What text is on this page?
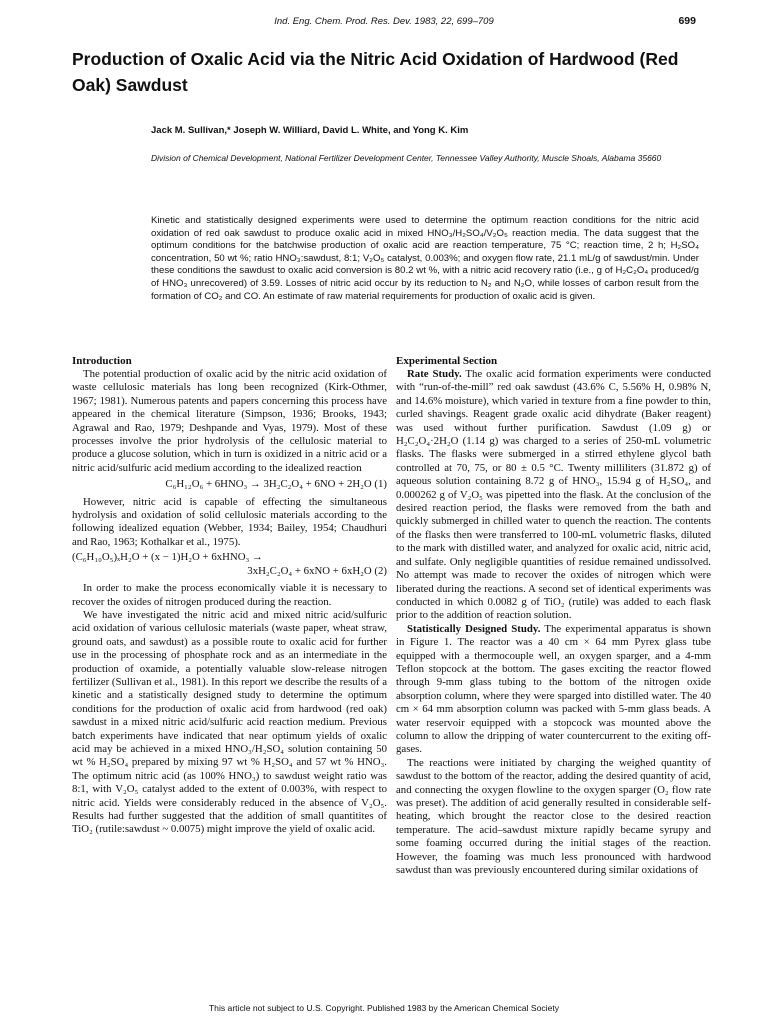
Ind. Eng. Chem. Prod. Res. Dev. 1983, 22, 699–709	699
Production of Oxalic Acid via the Nitric Acid Oxidation of Hardwood (Red Oak) Sawdust

Jack M. Sullivan,* Joseph W. Williard, David L. White, and Yong K. Kim

Division of Chemical Development, National Fertilizer Development Center, Tennessee Valley Authority, Muscle Shoals, Alabama 35660

Kinetic and statistically designed experiments were used to determine the optimum reaction conditions for the nitric acid oxidation of red oak sawdust to produce oxalic acid in mixed HNO₃/H₂SO₄/V₂O₅ reaction media. The data suggest that the optimum conditions for the batchwise production of oxalic acid are reaction temperature, 75 °C; reaction time, 2 h; H₂SO₄ concentration, 50 wt %; ratio HNO₃:sawdust, 8:1; V₂O₅ catalyst, 0.003%; and oxygen flow rate, 21.1 mL/g of sawdust/min. Under these conditions the sawdust to oxalic acid conversion is 80.2 wt %, with a nitric acid recovery ratio (i.e., g of H₂C₂O₄ produced/g of HNO₃ unrecovered) of 3.59. Losses of nitric acid occur by its reduction to N₂ and N₂O, while losses of carbon result from the formation of CO₂ and CO. An estimate of raw material requirements for production of oxalic acid is given.

Introduction

The potential production of oxalic acid by the nitric acid oxidation of waste cellulosic materials has long been recognized (Kirk-Othmer, 1967; 1981). Numerous patents and papers concerning this process have appeared in the chemical literature (Simpson, 1936; Brooks, 1943; Agrawal and Rao, 1979; Deshpande and Vyas, 1979). Most of these processes involve the prior hydrolysis of the cellulosic material to produce a glucose solution, which in turn is oxidized in a nitric acid or a nitric acid/sulfuric acid medium according to the idealized reaction

C₆H₁₂O₆ + 6HNO₃ → 3H₂C₂O₄ + 6NO + 2H₂O (1)

However, nitric acid is capable of effecting the simultaneous hydrolysis and oxidation of solid cellulosic materials according to the following idealized equation (Webber, 1934; Bailey, 1954; Chaudhuri and Rao, 1963; Kothalkar et al., 1975).

(C₆H₁₀O₅)ₓH₂O + (x − 1)H₂O + 6xHNO₃ →
3xH₂C₂O₄ + 6xNO + 6xH₂O (2)

In order to make the process economically viable it is necessary to recover the oxides of nitrogen produced during the reaction.

We have investigated the nitric acid and mixed nitric acid/sulfuric acid oxidation of various cellulosic materials (waste paper, wheat straw, ground oats, and sawdust) as a possible route to oxalic acid for further use in the processing of phosphate rock and as an intermediate in the production of oxamide, a potentially valuable slow-release nitrogen fertilizer (Sullivan et al., 1981). In this report we describe the results of a kinetic and a statistically designed study to determine the optimum conditions for the production of oxalic acid from hardwood (red oak) sawdust in a mixed nitric acid/sulfuric acid reaction medium. Previous batch experiments have indicated that near optimum yields of oxalic acid may be achieved in a mixed HNO₃/H₂SO₄ solution containing 50 wt % H₂SO₄ prepared by mixing 97 wt % H₂SO₄ and 57 wt % HNO₃. The optimum nitric acid (as 100% HNO₃) to sawdust weight ratio was 8:1, with V₂O₅ catalyst added to the extent of 0.003%, with respect to nitric acid. Yields were considerably reduced in the absence of V₂O₅. Results had further suggested that the addition of small quantitites of TiO₂ (rutile:sawdust ~ 0.0075) might improve the yield of oxalic acid.

Experimental Section

Rate Study. The oxalic acid formation experiments were conducted with “run-of-the-mill” red oak sawdust (43.6% C, 5.56% H, 0.98% N, and 14.6% moisture), which varied in texture from a fine powder to thin, curled shavings. Reagent grade oxalic acid dihydrate (Baker reagent) was used without further purification. Sawdust (1.09 g) or H₂C₂O₄·2H₂O (1.14 g) was charged to a series of 250-mL volumetric flasks. The flasks were submerged in a stirred ethylene glycol bath controlled at 70, 75, or 80 ± 0.5 °C. Twenty milliliters (31.872 g) of aqueous solution containing 8.72 g of HNO₃, 15.94 g of H₂SO₄, and 0.000262 g of V₂O₅ was pipetted into the flask. At the conclusion of the desired reaction period, the flasks were removed from the bath and quickly submerged in chilled water to quench the reaction. The contents of the flasks then were transferred to 100-mL volumetric flasks, diluted to the mark with distilled water, and analyzed for oxalic acid, nitric acid, and sulfate. Only negligible quantities of residue remained undissolved. No attempt was made to recover the oxides of nitrogen which were liberated during the reactions. A second set of identical experiments was conducted in which 0.0082 g of TiO₂ (rutile) was added to each flask prior to the addition of reaction solution.

Statistically Designed Study. The experimental apparatus is shown in Figure 1. The reactor was a 40 cm × 64 mm Pyrex glass tube equipped with a thermocouple well, an oxygen sparger, and a 4-mm Teflon stopcock at the bottom. The gases exciting the reactor flowed through 9-mm glass tubing to the bottom of the nitrogen oxide absorption column, where they were sparged into distilled water. The 40 cm × 64 mm absorption column was packed with 5-mm glass beads. A water reservoir equipped with a stopcock was mounted above the column to allow the dripping of water countercurrent to the exiting off-gases.

The reactions were initiated by charging the weighed quantity of sawdust to the bottom of the reactor, adding the desired quantity of acid, and connecting the oxygen flowline to the oxygen sparger (O₂ flow rate was preset). The addition of acid generally resulted in considerable self-heating, which brought the reactor close to the desired reaction temperature. The acid–sawdust mixture rapidly became syrupy and some foaming occurred during the initial stages of the reaction. However, the foaming was much less pronounced with hardwood sawdust than was previously encountered during similar oxidations of

This article not subject to U.S. Copyright. Published 1983 by the American Chemical Society
